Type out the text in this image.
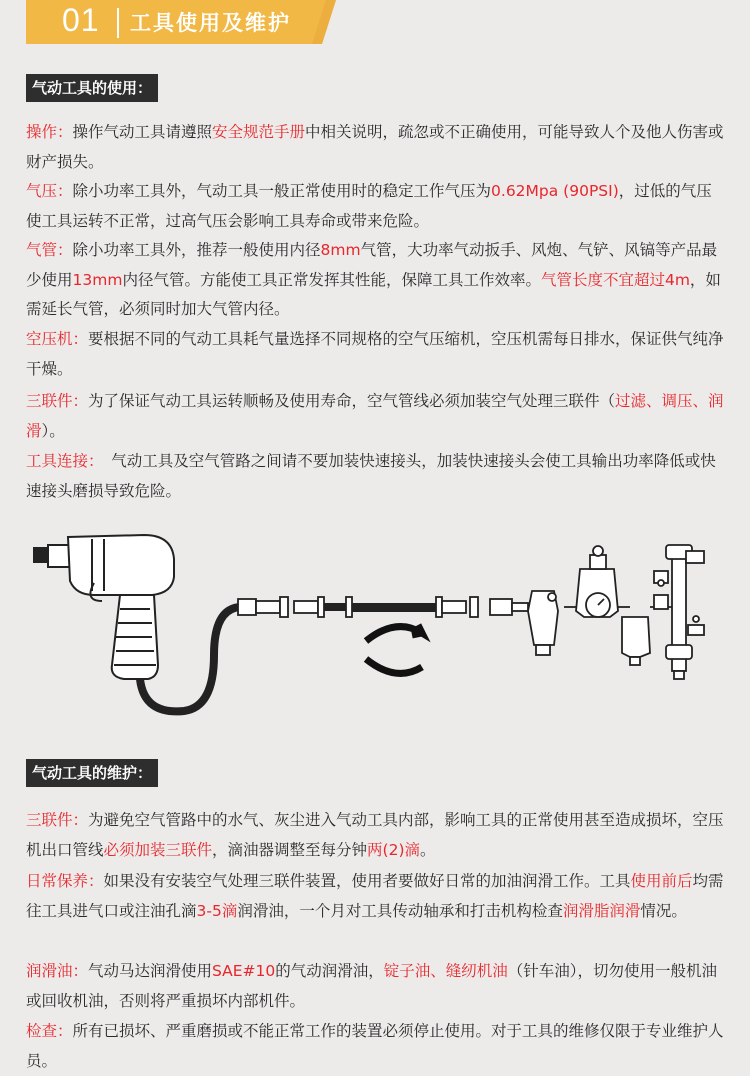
01 工具使用及维护
气动工具的使用：
操作：操作气动工具请遵照安全规范手册中相关说明，疏忽或不正确使用，可能导致人个及他人伤害或财产损失。
气压：除小功率工具外，气动工具一般正常使用时的稳定工作气压为0.62Mpa (90PSI)，过低的气压使工具运转不正常，过高气压会影响工具寿命或带来危险。
气管：除小功率工具外，推荐一般使用内径8mm气管，大功率气动扳手、风炮、气铲、风镐等产品最少使用13mm内径气管。方能使工具正常发挥其性能，保障工具工作效率。气管长度不宜超过4m，如需延长气管，必须同时加大气管内径。
空压机：要根据不同的气动工具耗气量选择不同规格的空气压缩机，空压机需每日排水，保证供气纯净干燥。
三联件：为了保证气动工具运转顺畅及使用寿命，空气管线必须加装空气处理三联件（过滤、调压、润滑）。
工具连接：　气动工具及空气管路之间请不要加装快速接头，加装快速接头会使工具输出功率降低或快速接头磨损导致危险。
气动工具的维护：
三联件：为避免空气管路中的水气、灰尘进入气动工具内部，影响工具的正常使用甚至造成损坏，空压机出口管线必须加装三联件，滴油器调整至每分钟两(2)滴。
日常保养：如果没有安装空气处理三联件装置，使用者要做好日常的加油润滑工作。工具使用前后均需往工具进气口或注油孔滴3-5滴润滑油，一个月对工具传动轴承和打击机构检查润滑脂润滑情况。
润滑油：气动马达润滑使用SAE#10的气动润滑油，锭子油、缝纫机油（针车油），切勿使用一般机油或回收机油，否则将严重损坏内部机件。
检查：所有已损坏、严重磨损或不能正常工作的装置必须停止使用。对于工具的维修仅限于专业维护人员。
